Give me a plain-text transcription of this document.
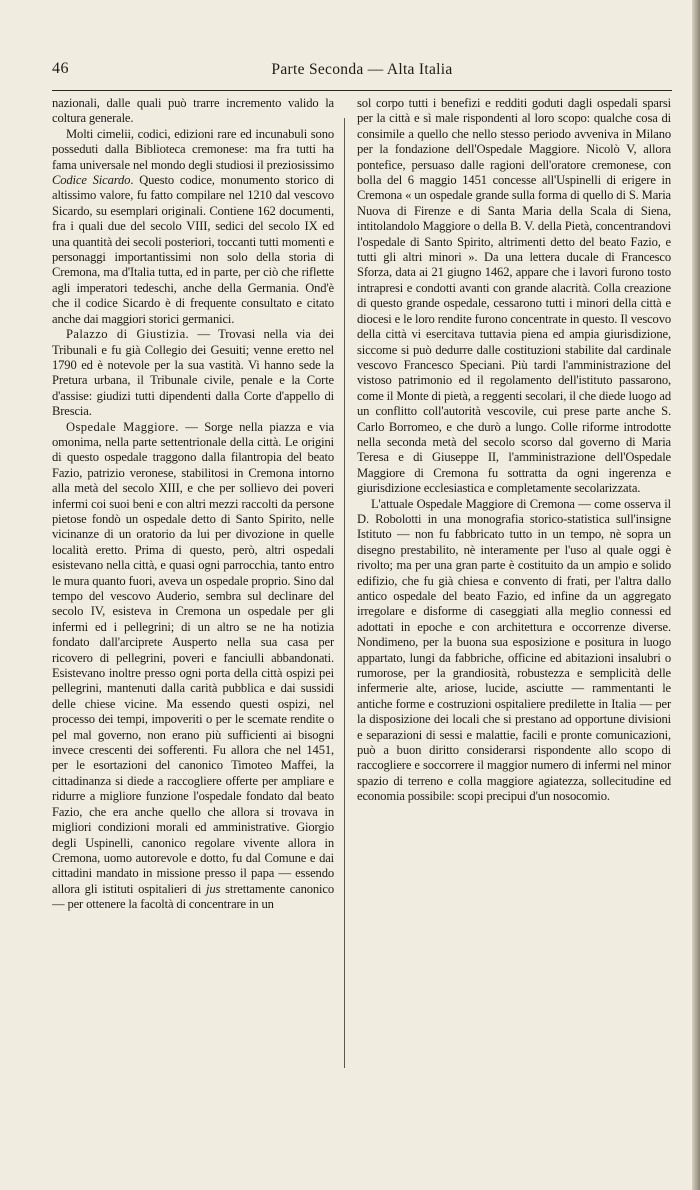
46	Parte Seconda — Alta Italia

nazionali, dalle quali può trarre incremento valido la coltura generale.

Molti cimelii, codici, edizioni rare ed incunabuli sono posseduti dalla Biblioteca cremonese: ma fra tutti ha fama universale nel mondo degli studiosi il preziosissimo Codice Sicardo. Questo codice, monumento storico di altissimo valore, fu fatto compilare nel 1210 dal vescovo Sicardo, su esemplari originali. Contiene 162 documenti, fra i quali due del secolo VIII, sedici del secolo IX ed una quantità dei secoli posteriori, toccanti tutti momenti e personaggi importantissimi non solo della storia di Cremona, ma d'Italia tutta, ed in parte, per ciò che riflette agli imperatori tedeschi, anche della Germania. Ond'è che il codice Sicardo è di frequente consultato e citato anche dai maggiori storici germanici.

Palazzo di Giustizia. — Trovasi nella via dei Tribunali e fu già Collegio dei Gesuiti; venne eretto nel 1790 ed è notevole per la sua vastità. Vi hanno sede la Pretura urbana, il Tribunale civile, penale e la Corte d'assise: giudizi tutti dipendenti dalla Corte d'appello di Brescia.

Ospedale Maggiore. — Sorge nella piazza e via omonima, nella parte settentrionale della città. Le origini di questo ospedale traggono dalla filantropia del beato Fazio, patrizio veronese, stabilitosi in Cremona intorno alla metà del secolo XIII, e che per sollievo dei poveri infermi coi suoi beni e con altri mezzi raccolti da persone pietose fondò un ospedale detto di Santo Spirito, nelle vicinanze di un oratorio da lui per divozione in quelle località eretto. Prima di questo, però, altri ospedali esistevano nella città, e quasi ogni parrocchia, tanto entro le mura quanto fuori, aveva un ospedale proprio. Sino dal tempo del vescovo Auderio, sembra sul declinare del secolo IV, esisteva in Cremona un ospedale per gli infermi ed i pellegrini; di un altro se ne ha notizia fondato dall'arciprete Ausperto nella sua casa per ricovero di pellegrini, poveri e fanciulli abbandonati. Esistevano inoltre presso ogni porta della città ospizi pei pellegrini, mantenuti dalla carità pubblica e dai sussidi delle chiese vicine. Ma essendo questi ospizi, nel processo dei tempi, impoveriti o per le scemate rendite o pel mal governo, non erano più sufficienti ai bisogni invece crescenti dei sofferenti. Fu allora che nel 1451, per le esortazioni del canonico Timoteo Maffei, la cittadinanza si diede a raccogliere offerte per ampliare e ridurre a migliore funzione l'ospedale fondato dal beato Fazio, che era anche quello che allora si trovava in migliori condizioni morali ed amministrative. Giorgio degli Uspinelli, canonico regolare vivente allora in Cremona, uomo autorevole e dotto, fu dal Comune e dai cittadini mandato in missione presso il papa — essendo allora gli istituti ospitalieri di jus strettamente canonico — per ottenere la facoltà di concentrare in un

sol corpo tutti i benefizi e redditi goduti dagli ospedali sparsi per la città e sì male rispondenti al loro scopo: qualche cosa di consimile a quello che nello stesso periodo avveniva in Milano per la fondazione dell'Ospedale Maggiore. Nicolò V, allora pontefice, persuaso dalle ragioni dell'oratore cremonese, con bolla del 6 maggio 1451 concesse all'Uspinelli di erigere in Cremona « un ospedale grande sulla forma di quello di S. Maria Nuova di Firenze e di Santa Maria della Scala di Siena, intitolandolo Maggiore o della B. V. della Pietà, concentrandovi l'ospedale di Santo Spirito, altrimenti detto del beato Fazio, e tutti gli altri minori ». Da una lettera ducale di Francesco Sforza, data ai 21 giugno 1462, appare che i lavori furono tosto intrapresi e condotti avanti con grande alacrità. Colla creazione di questo grande ospedale, cessarono tutti i minori della città e diocesi e le loro rendite furono concentrate in questo. Il vescovo della città vi esercitava tuttavia piena ed ampia giurisdizione, siccome si può dedurre dalle costituzioni stabilite dal cardinale vescovo Francesco Speciani. Più tardi l'amministrazione del vistoso patrimonio ed il regolamento dell'istituto passarono, come il Monte di pietà, a reggenti secolari, il che diede luogo ad un conflitto coll'autorità vescovile, cui prese parte anche S. Carlo Borromeo, e che durò a lungo. Colle riforme introdotte nella seconda metà del secolo scorso dal governo di Maria Teresa e di Giuseppe II, l'amministrazione dell'Ospedale Maggiore di Cremona fu sottratta da ogni ingerenza e giurisdizione ecclesiastica e completamente secolarizzata.

L'attuale Ospedale Maggiore di Cremona — come osserva il D. Robolotti in una monografia storico-statistica sull'insigne Istituto — non fu fabbricato tutto in un tempo, nè sopra un disegno prestabilito, nè interamente per l'uso al quale oggi è rivolto; ma per una gran parte è costituito da un ampio e solido edifizio, che fu già chiesa e convento di frati, per l'altra dallo antico ospedale del beato Fazio, ed infine da un aggregato irregolare e disforme di caseggiati alla meglio connessi ed adottati in epoche e con architettura e occorrenze diverse. Nondimeno, per la buona sua esposizione e positura in luogo appartato, lungi da fabbriche, officine ed abitazioni insalubri o rumorose, per la grandiosità, robustezza e semplicità delle infermerie alte, ariose, lucide, asciutte — rammentanti le antiche forme e costruzioni ospitaliere predilette in Italia — per la disposizione dei locali che si prestano ad opportune divisioni e separazioni di sessi e malattie, facili e pronte comunicazioni, può a buon diritto considerarsi rispondente allo scopo di raccogliere e soccorrere il maggior numero di infermi nel minor spazio di terreno e colla maggiore agiatezza, sollecitudine ed economia possibile: scopi precipui d'un nosocomio.
